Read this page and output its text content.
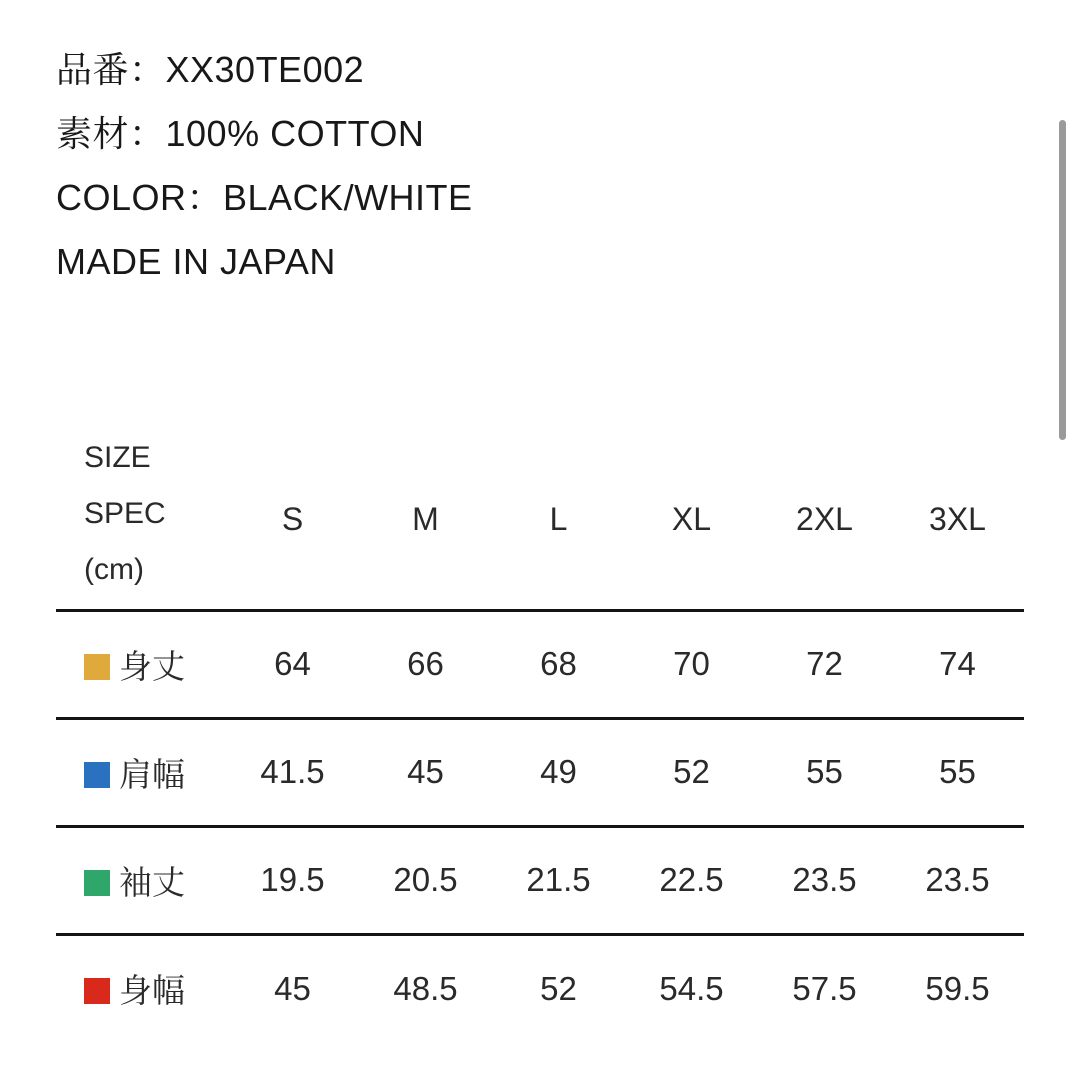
品番：XX30TE002
素材：100% COTTON
COLOR：BLACK/WHITE
MADE IN JAPAN
SIZE
SPEC
(cm)	S	M	L	XL	2XL	3XL
身丈	64	66	68	70	72	74
肩幅	41.5	45	49	52	55	55
袖丈	19.5	20.5	21.5	22.5	23.5	23.5
身幅	45	48.5	52	54.5	57.5	59.5
